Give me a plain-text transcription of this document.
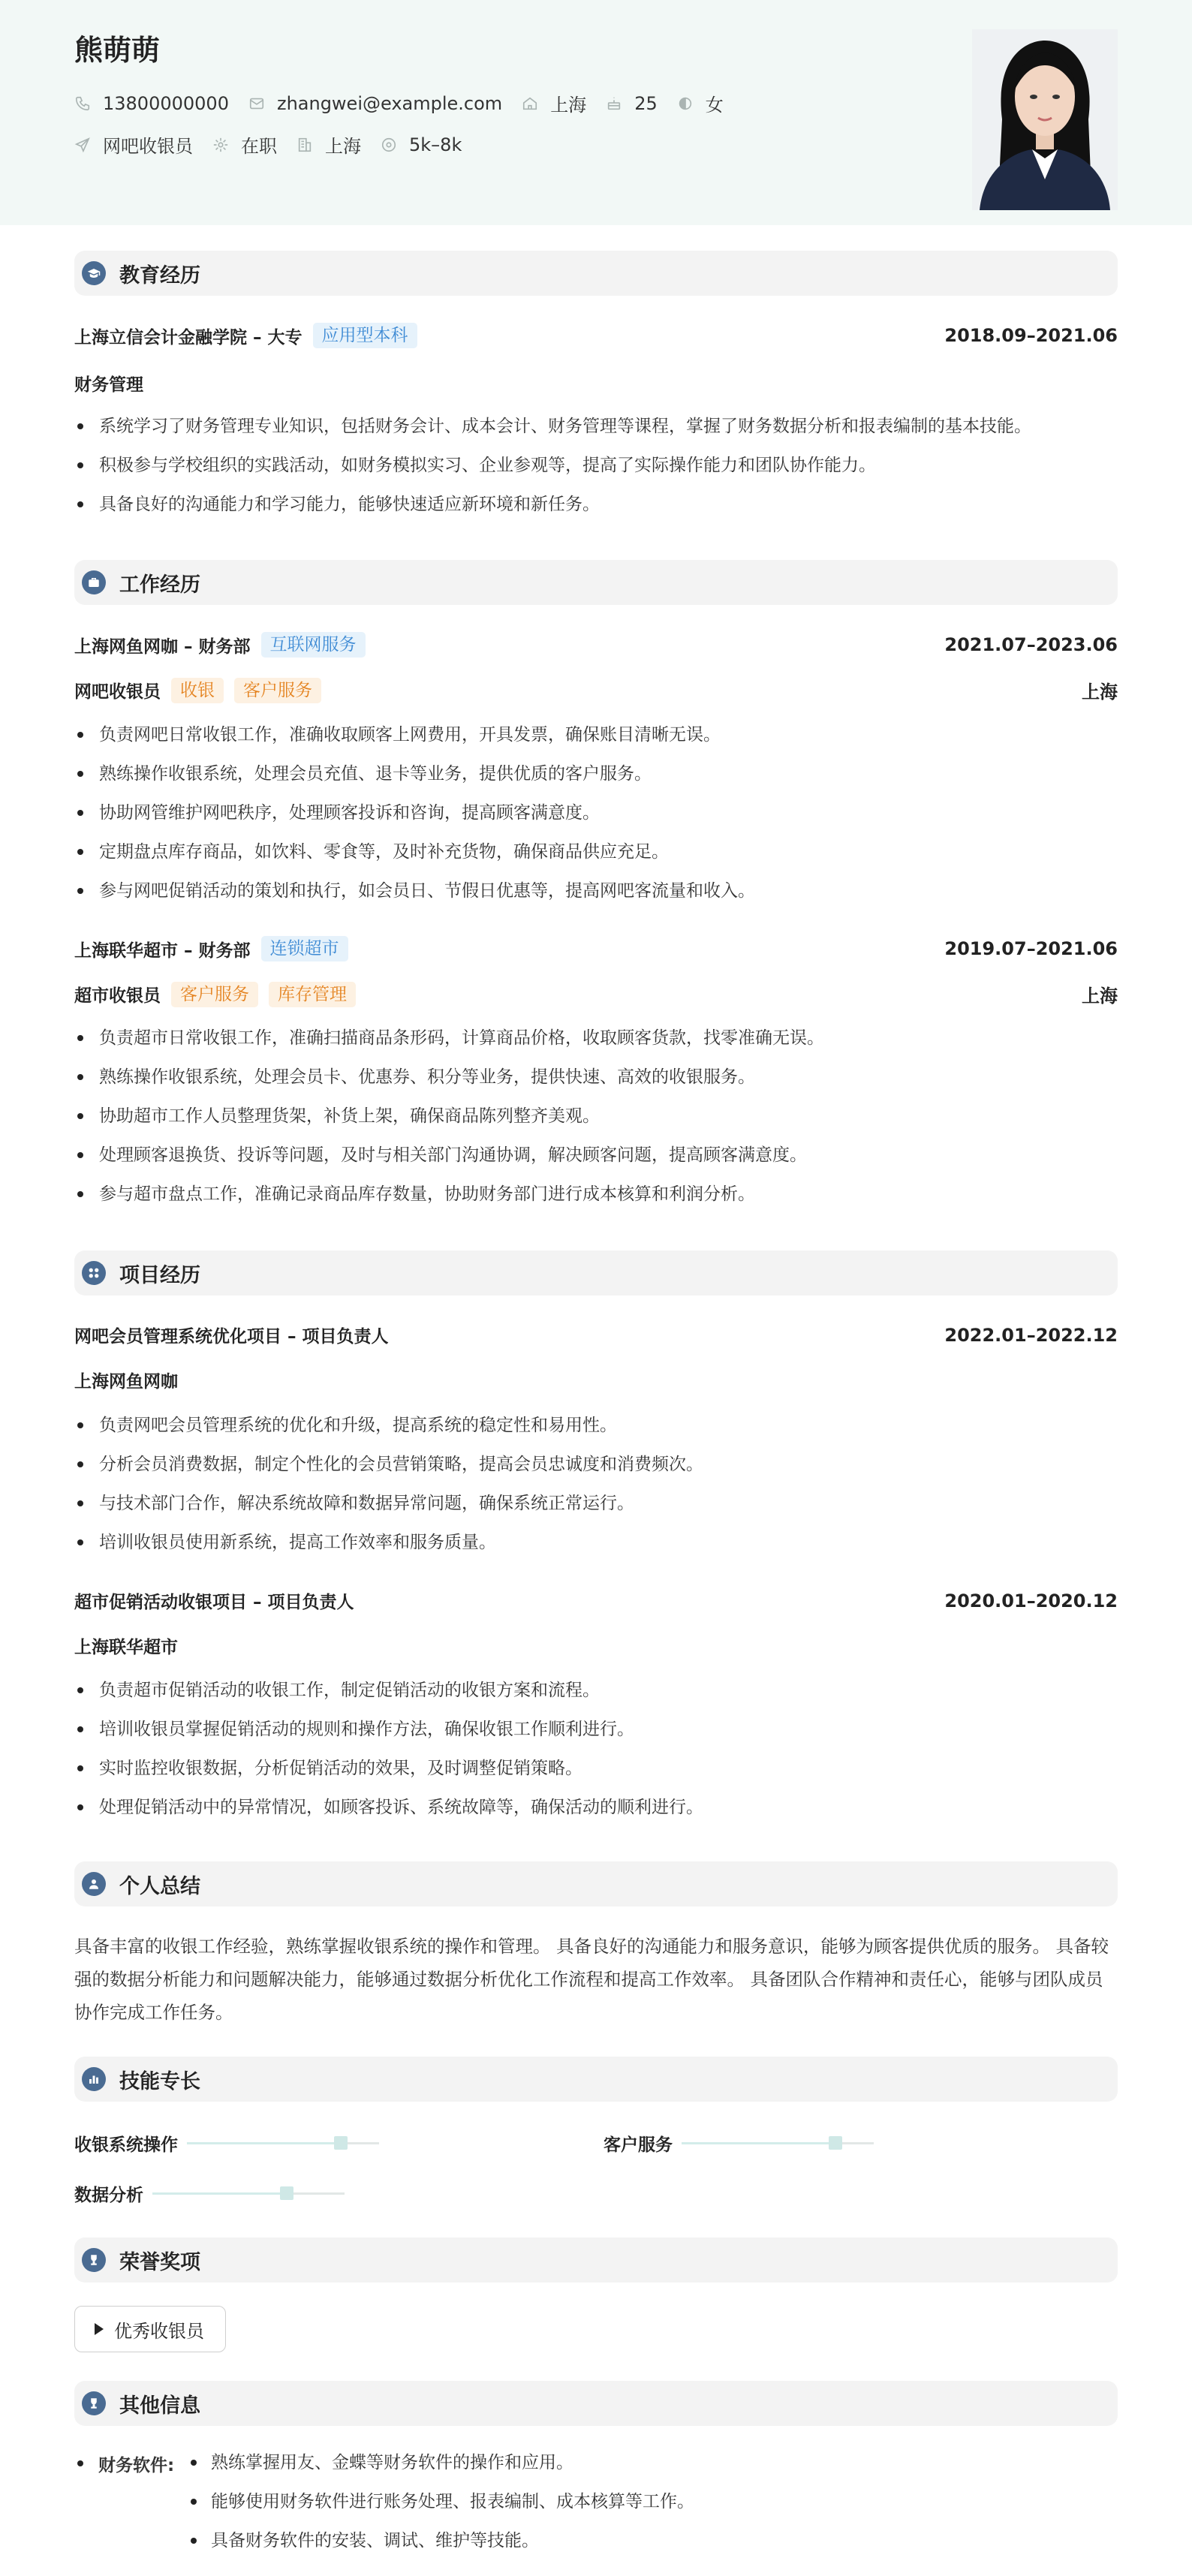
熊萌萌
13800000000	zhangwei@example.com	上海	25	女
网吧收银员	在职	上海	5k–8k
教育经历
上海立信会计金融学院 – 大专	应用型本科	2018.09–2021.06
财务管理
系统学习了财务管理专业知识，包括财务会计、成本会计、财务管理等课程，掌握了财务数据分析和报表编制的基本技能。
积极参与学校组织的实践活动，如财务模拟实习、企业参观等，提高了实际操作能力和团队协作能力。
具备良好的沟通能力和学习能力，能够快速适应新环境和新任务。
工作经历
上海网鱼网咖 – 财务部	互联网服务	2021.07–2023.06
网吧收银员	收银	客户服务	上海
负责网吧日常收银工作，准确收取顾客上网费用，开具发票，确保账目清晰无误。
熟练操作收银系统，处理会员充值、退卡等业务，提供优质的客户服务。
协助网管维护网吧秩序，处理顾客投诉和咨询，提高顾客满意度。
定期盘点库存商品，如饮料、零食等，及时补充货物，确保商品供应充足。
参与网吧促销活动的策划和执行，如会员日、节假日优惠等，提高网吧客流量和收入。
上海联华超市 – 财务部	连锁超市	2019.07–2021.06
超市收银员	客户服务	库存管理	上海
负责超市日常收银工作，准确扫描商品条形码，计算商品价格，收取顾客货款，找零准确无误。
熟练操作收银系统，处理会员卡、优惠券、积分等业务，提供快速、高效的收银服务。
协助超市工作人员整理货架，补货上架，确保商品陈列整齐美观。
处理顾客退换货、投诉等问题，及时与相关部门沟通协调，解决顾客问题，提高顾客满意度。
参与超市盘点工作，准确记录商品库存数量，协助财务部门进行成本核算和利润分析。
项目经历
网吧会员管理系统优化项目 – 项目负责人	2022.01–2022.12
上海网鱼网咖
负责网吧会员管理系统的优化和升级，提高系统的稳定性和易用性。
分析会员消费数据，制定个性化的会员营销策略，提高会员忠诚度和消费频次。
与技术部门合作，解决系统故障和数据异常问题，确保系统正常运行。
培训收银员使用新系统，提高工作效率和服务质量。
超市促销活动收银项目 – 项目负责人	2020.01–2020.12
上海联华超市
负责超市促销活动的收银工作，制定促销活动的收银方案和流程。
培训收银员掌握促销活动的规则和操作方法，确保收银工作顺利进行。
实时监控收银数据，分析促销活动的效果，及时调整促销策略。
处理促销活动中的异常情况，如顾客投诉、系统故障等，确保活动的顺利进行。
个人总结
具备丰富的收银工作经验，熟练掌握收银系统的操作和管理。 具备良好的沟通能力和服务意识，能够为顾客提供优质的服务。 具备较强的数据分析能力和问题解决能力，能够通过数据分析优化工作流程和提高工作效率。 具备团队合作精神和责任心，能够与团队成员协作完成工作任务。
技能专长
收银系统操作	客户服务
数据分析
荣誉奖项
优秀收银员
其他信息
财务软件:	熟练掌握用友、金蝶等财务软件的操作和应用。
能够使用财务软件进行账务处理、报表编制、成本核算等工作。
具备财务软件的安装、调试、维护等技能。
